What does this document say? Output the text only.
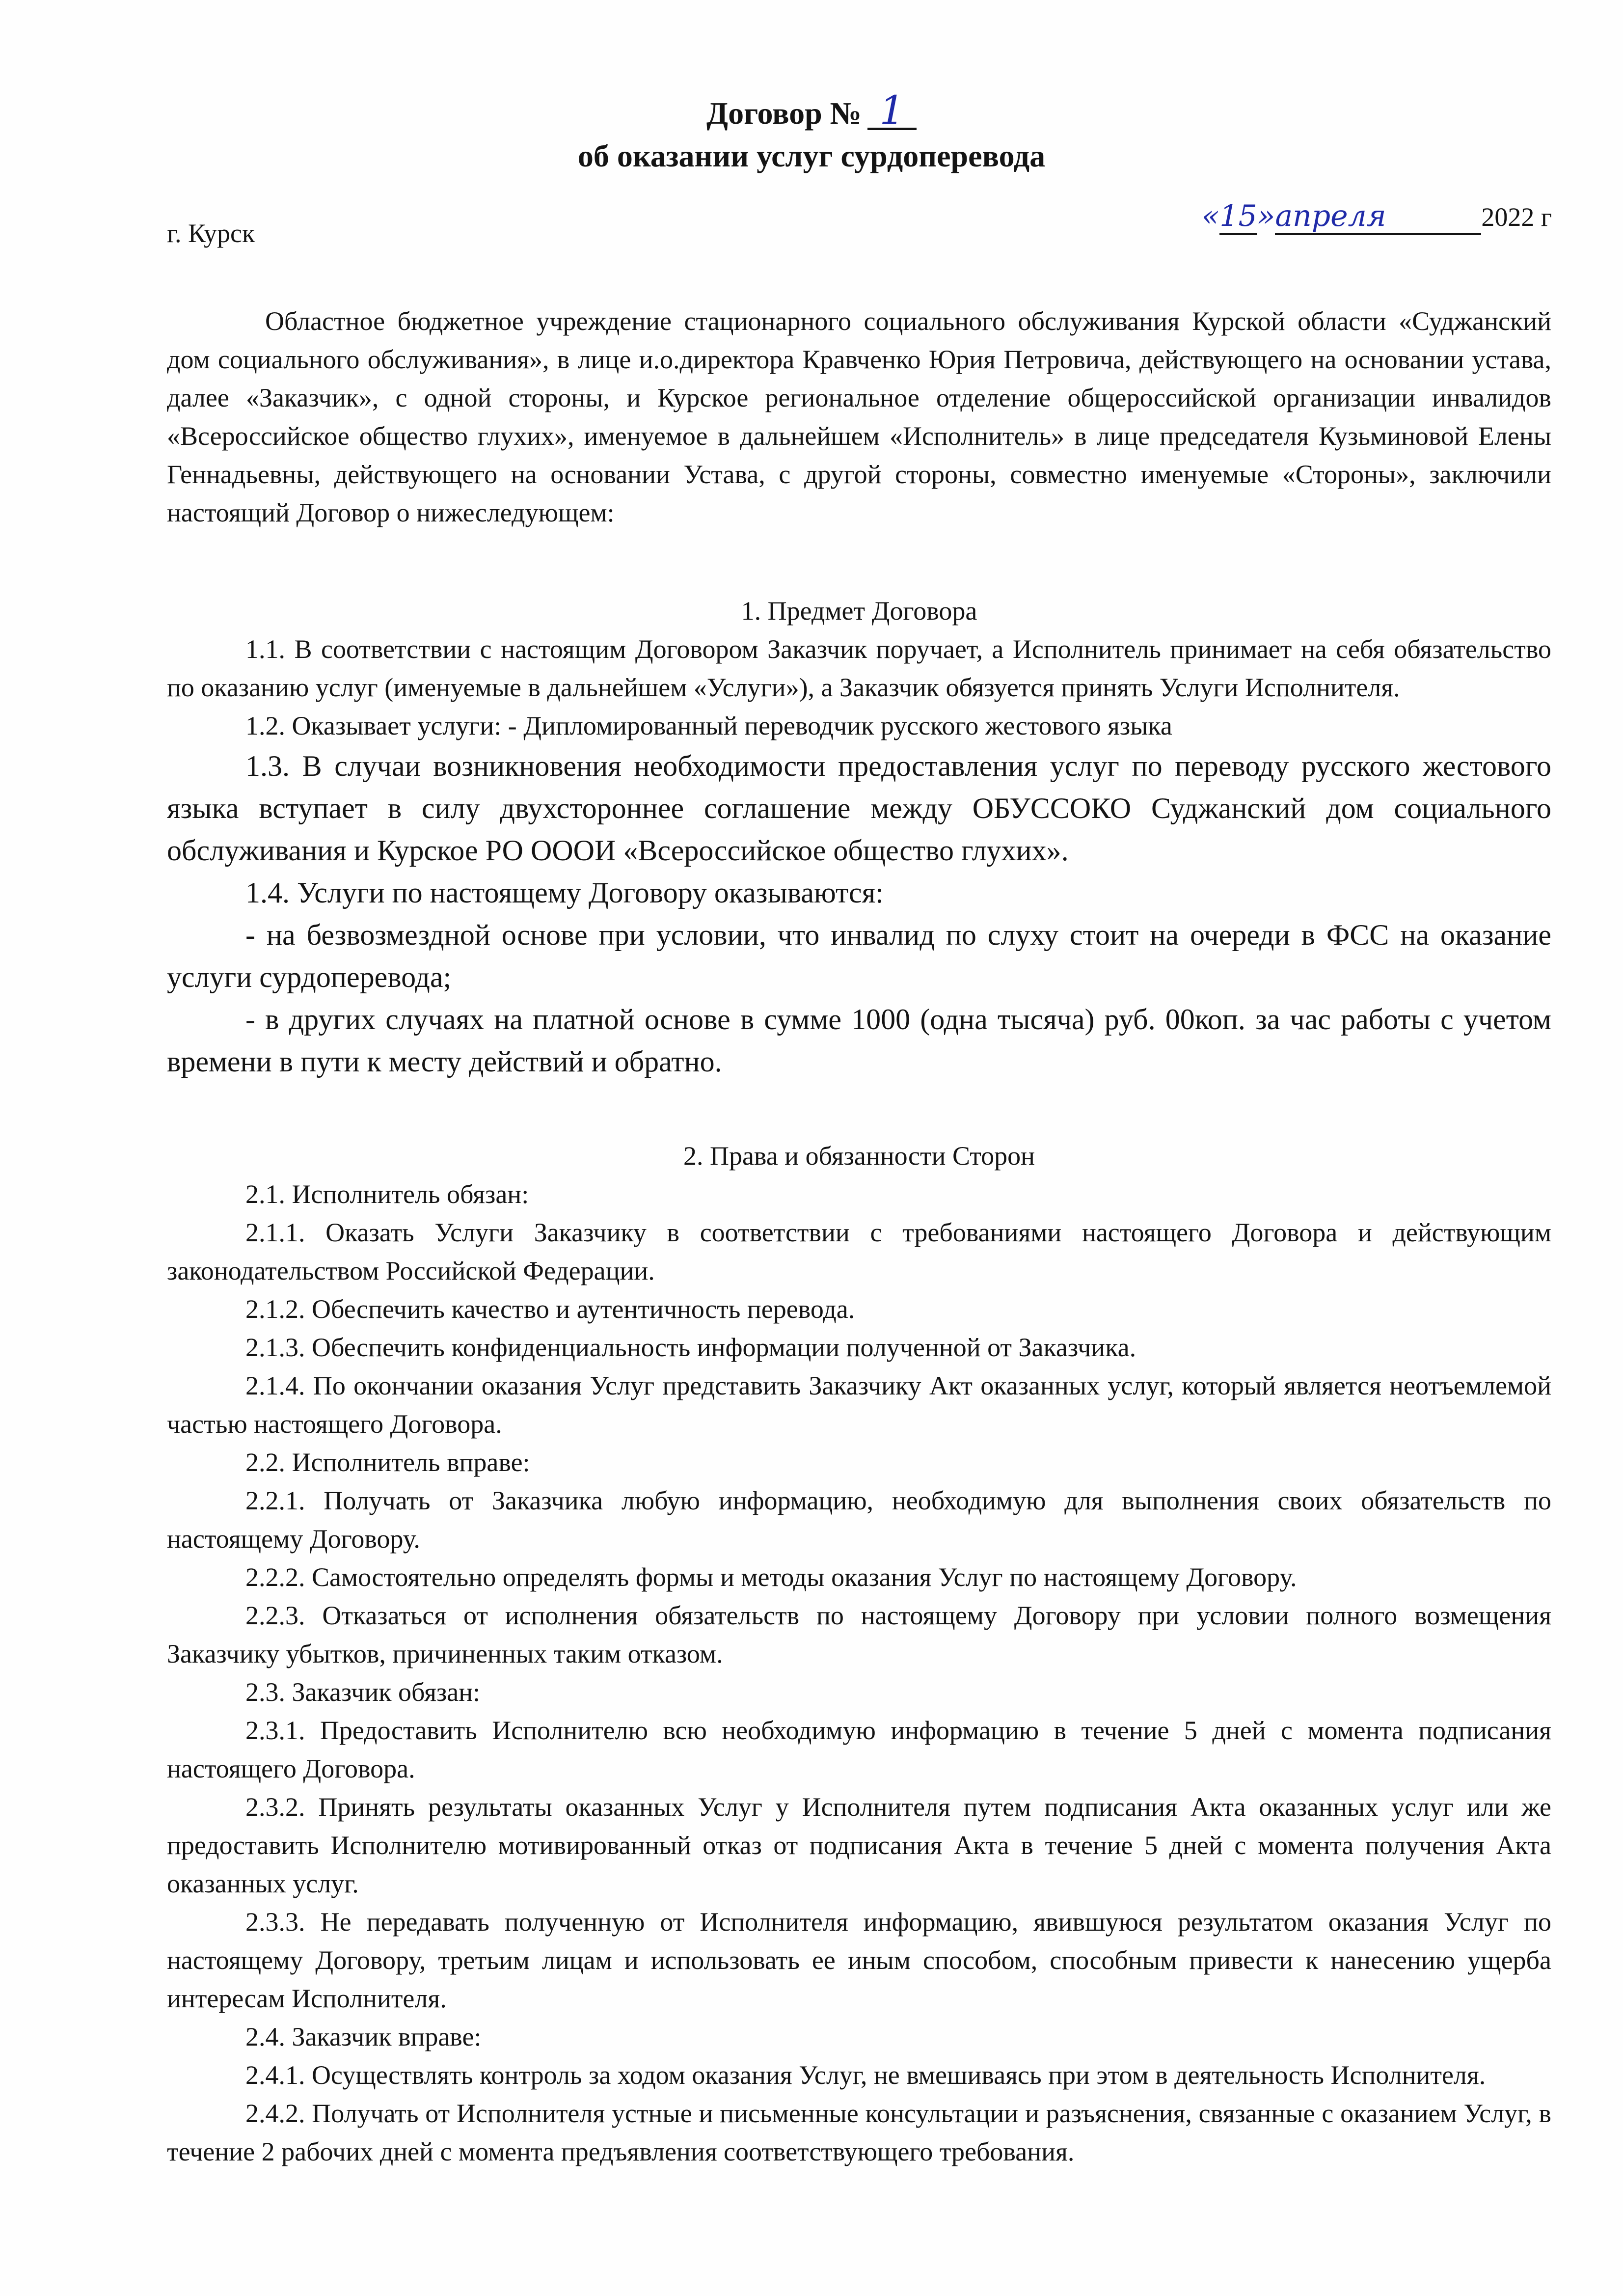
Договор № 1
об оказании услуг сурдоперевода
г. Курск	«15»апреля	2022 г

Областное бюджетное учреждение стационарного социального обслуживания Курской области «Суджанский дом социального обслуживания», в лице и.о.директора Кравченко Юрия Петровича, действующего на основании устава, далее «Заказчик», с одной стороны, и Курское региональное отделение общероссийской организации инвалидов «Всероссийское общество глухих», именуемое в дальнейшем «Исполнитель» в лице председателя Кузьминовой Елены Геннадьевны, действующего на основании Устава, с другой стороны, совместно именуемые «Стороны», заключили настоящий Договор о нижеследующем:

1. Предмет Договора

1.1. В соответствии с настоящим Договором Заказчик поручает, а Исполнитель принимает на себя обязательство по оказанию услуг (именуемые в дальнейшем «Услуги»), а Заказчик обязуется принять Услуги Исполнителя.

1.2. Оказывает услуги: - Дипломированный переводчик русского жестового языка

1.3. В случаи возникновения необходимости предоставления услуг по переводу русского жестового языка вступает в силу двухстороннее соглашение между ОБУССОКО Суджанский дом социального обслуживания и Курское РО ОООИ «Всероссийское общество глухих».

1.4. Услуги по настоящему Договору оказываются:

- на безвозмездной основе при условии, что инвалид по слуху стоит на очереди в ФСС на оказание услуги сурдоперевода;

- в других случаях на платной основе в сумме 1000 (одна тысяча) руб. 00коп. за час работы с учетом времени в пути к месту действий и обратно.

2. Права и обязанности Сторон

2.1. Исполнитель обязан:

2.1.1. Оказать Услуги Заказчику в соответствии с требованиями настоящего Договора и действующим законодательством Российской Федерации.

2.1.2. Обеспечить качество и аутентичность перевода.

2.1.3. Обеспечить конфиденциальность информации полученной от Заказчика.

2.1.4. По окончании оказания Услуг представить Заказчику Акт оказанных услуг, который является неотъемлемой частью настоящего Договора.

2.2. Исполнитель вправе:

2.2.1. Получать от Заказчика любую информацию, необходимую для выполнения своих обязательств по настоящему Договору.

2.2.2. Самостоятельно определять формы и методы оказания Услуг по настоящему Договору.

2.2.3. Отказаться от исполнения обязательств по настоящему Договору при условии полного возмещения Заказчику убытков, причиненных таким отказом.

2.3. Заказчик обязан:

2.3.1. Предоставить Исполнителю всю необходимую информацию в течение 5 дней с момента подписания настоящего Договора.

2.3.2. Принять результаты оказанных Услуг у Исполнителя путем подписания Акта оказанных услуг или же предоставить Исполнителю мотивированный отказ от подписания Акта в течение 5 дней с момента получения Акта оказанных услуг.

2.3.3. Не передавать полученную от Исполнителя информацию, явившуюся результатом оказания Услуг по настоящему Договору, третьим лицам и использовать ее иным способом, способным привести к нанесению ущерба интересам Исполнителя.

2.4. Заказчик вправе:

2.4.1. Осуществлять контроль за ходом оказания Услуг, не вмешиваясь при этом в деятельность Исполнителя.

2.4.2. Получать от Исполнителя устные и письменные консультации и разъяснения, связанные с оказанием Услуг, в течение 2 рабочих дней с момента предъявления соответствующего требования.
